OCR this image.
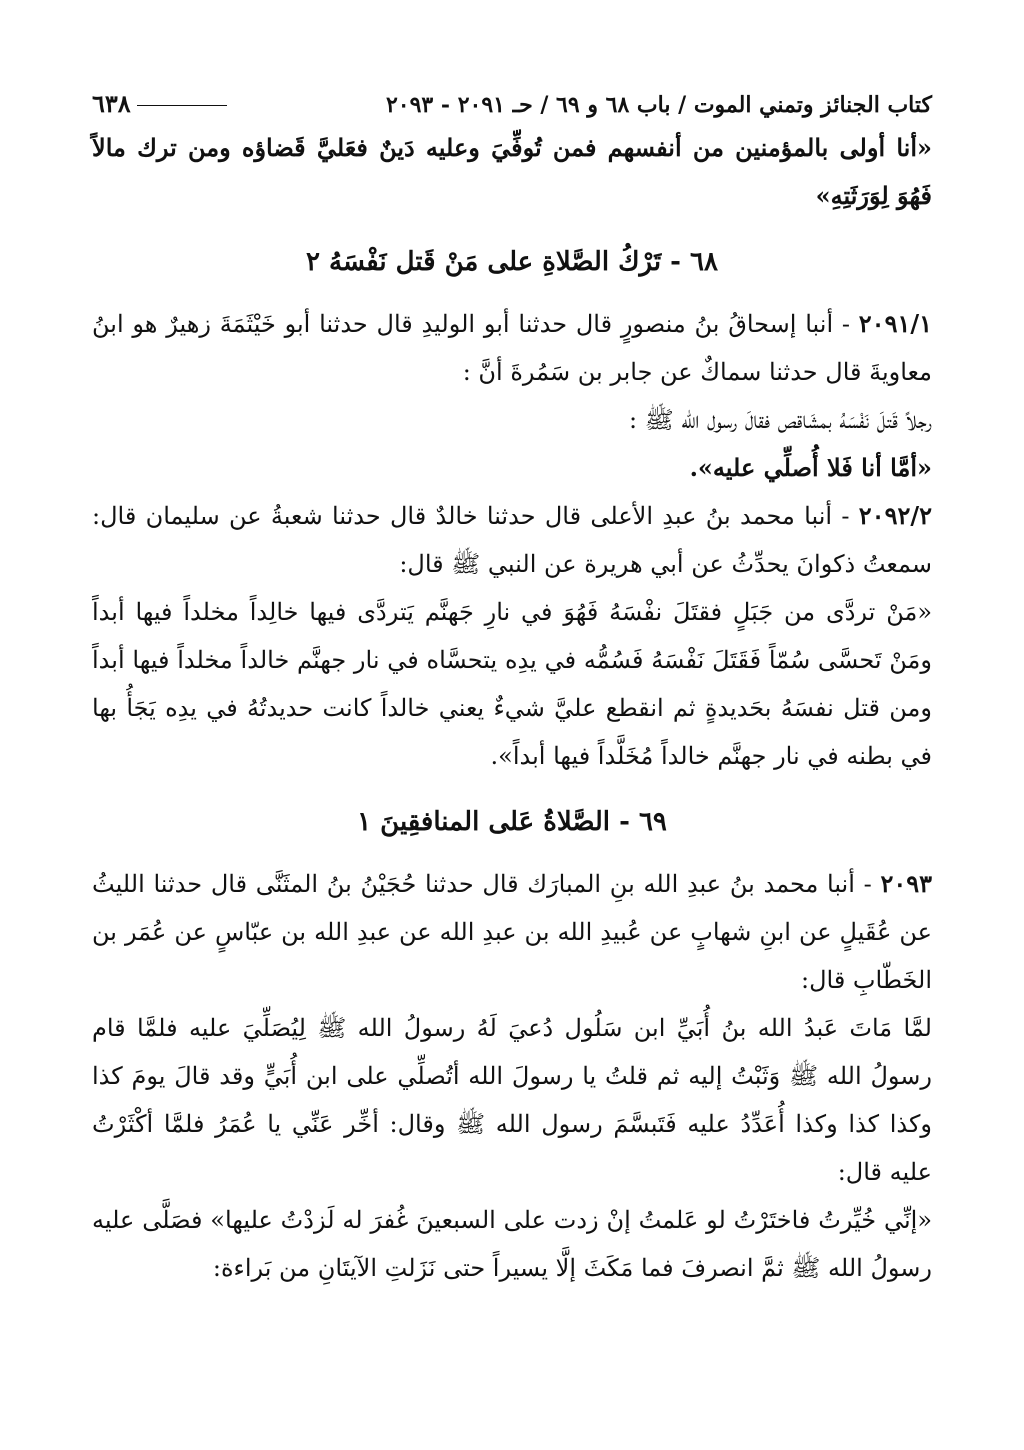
كتاب الجنائز وتمني الموت / باب ٦٨ و ٦٩ / حـ ٢٠٩١ - ٢٠٩٣
٦٣٨

«أنا أولى بالمؤمنين من أنفسهم فمن تُوفِّيَ وعليه دَينٌ فعَليَّ قَضاؤه ومن ترك مالاً فَهُوَ لِوَرَثَتِهِ»

٦٨ - تَرْكُ الصَّلاةِ على مَنْ قَتل نَفْسَهُ ٢

٢٠٩١/١ - أنبا إسحاقُ بنُ منصورٍ قال حدثنا أبو الوليدِ قال حدثنا أبو خَيْثَمَةَ زهيرٌ هو ابنُ معاويةَ قال حدثنا سماكٌ عن جابر بن سَمُرةَ أنَّ :

رجلاً قَتلَ نَفْسَهُ بمشَاقص فقالَ رسول الله ﷺ :

«أمَّا أنا فَلا أُصلِّي عليه».

٢٠٩٢/٢ - أنبا محمد بنُ عبدِ الأعلى قال حدثنا خالدٌ قال حدثنا شعبةُ عن سليمان قال: سمعتُ ذكوانَ يحدِّثُ عن أبي هريرة عن النبي ﷺ قال:

«مَنْ تردَّى من جَبَلٍ فقتَلَ نفْسَهُ فَهُوَ في نارِ جَهنَّم يَتردَّى فيها خالِداً مخلداً فيها أبداً ومَنْ تَحسَّى سُمّاً فَقَتَلَ نَفْسَهُ فَسُمُّه في يدِه يتحسَّاه في نار جهنَّم خالداً مخلداً فيها أبداً ومن قتل نفسَهُ بحَديدةٍ ثم انقطع عليَّ شيءٌ يعني خالداً كانت حديدتُهُ في يدِه يَجَأُ بها في بطنه في نار جهنَّم خالداً مُخَلَّداً فيها أبداً».

٦٩ - الصَّلاةُ عَلى المنافقِينَ ١

٢٠٩٣ - أنبا محمد بنُ عبدِ الله بنِ المبارَك قال حدثنا حُجَيْنُ بنُ المثَنَّى قال حدثنا الليثُ عن عُقَيلٍ عن ابنِ شهابٍ عن عُبيدِ الله بن عبدِ الله عن عبدِ الله بن عبّاسٍ عن عُمَر بن الخَطّابِ قال:

لمَّا مَاتَ عَبدُ الله بنُ أُبَيِّ ابن سَلُول دُعيَ لَهُ رسولُ الله ﷺ لِيُصَلِّيَ عليه فلمَّا قام رسولُ الله ﷺ وَثَبْتُ إليه ثم قلتُ يا رسولَ الله أتُصلِّي على ابن أُبَيٍّ وقد قالَ يومَ كذا وكذا كذا وكذا أُعَدِّدُ عليه فَتَبسَّمَ رسول الله ﷺ وقال: أخِّر عَنِّي يا عُمَرُ فلمَّا أكْثَرْتُ عليه قال:

«إنِّي خُيِّرتُ فاختَرْتُ لو عَلمتُ إنْ زدت على السبعينَ غُفرَ له لَزدْتُ عليها» فصَلَّى عليه رسولُ الله ﷺ ثمَّ انصرفَ فما مَكَثَ إلَّا يسيراً حتى نَزَلتِ الآيتَانِ من بَراءة:
